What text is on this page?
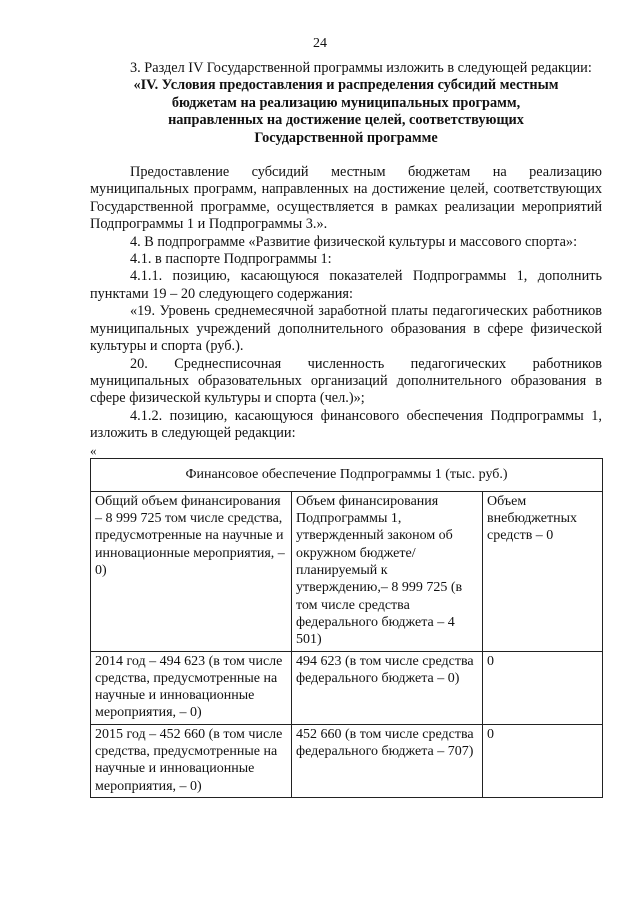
24

3. Раздел IV Государственной программы изложить в следующей редакции:

«IV. Условия предоставления и распределения субсидий местным бюджетам на реализацию муниципальных программ, направленных на достижение целей, соответствующих Государственной программе

Предоставление субсидий местным бюджетам на реализацию муниципальных программ, направленных на достижение целей, соответствующих Государственной программе, осуществляется в рамках реализации мероприятий Подпрограммы 1 и Подпрограммы 3.».

4. В подпрограмме «Развитие физической культуры и массового спорта»:

4.1. в паспорте Подпрограммы 1:

4.1.1. позицию, касающуюся показателей Подпрограммы 1, дополнить пунктами 19 – 20 следующего содержания:

«19. Уровень среднемесячной заработной платы педагогических работников муниципальных учреждений дополнительного образования в сфере физической культуры и спорта (руб.).

20. Среднесписочная численность педагогических работников муниципальных образовательных организаций дополнительного образования в сфере физической культуры и спорта (чел.)»;

4.1.2. позицию, касающуюся финансового обеспечения Подпрограммы 1, изложить в следующей редакции:

«
Финансовое обеспечение Подпрограммы 1 (тыс. руб.)		
Общий объем финансирования – 8 999 725 том числе средства, предусмотренные на научные и инновационные мероприятия, – 0)	Объем финансирования Подпрограммы 1, утвержденный законом об окружном бюджете/ планируемый к утверждению,– 8 999 725 (в том числе средства федерального бюджета – 4 501)	Объем внебюджетных средств – 0
2014 год – 494 623 (в том числе средства, предусмотренные на научные и инновационные мероприятия, – 0)	494 623 (в том числе средства федерального бюджета – 0)	0
2015 год – 452 660 (в том числе средства, предусмотренные на научные и инновационные мероприятия, – 0)	452 660 (в том числе средства федерального бюджета – 707)	0
